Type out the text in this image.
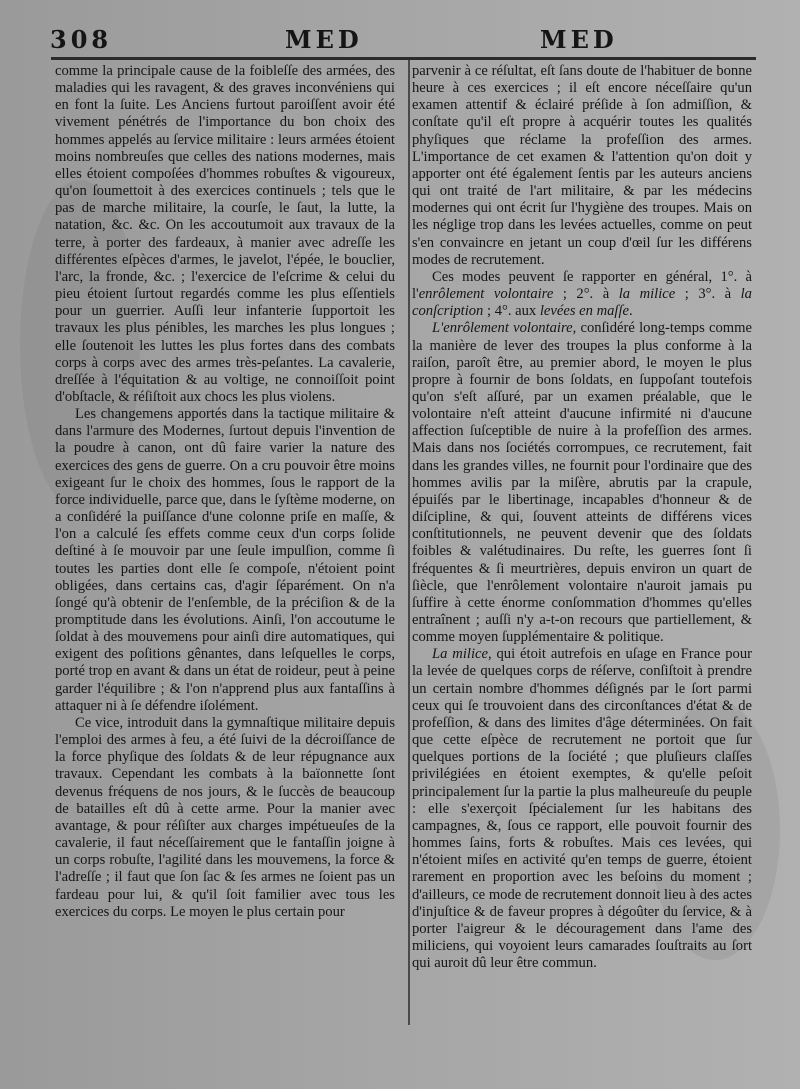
308	MED	MED

comme la principale cause de la foibleſſe des armées, des maladies qui les ravagent, & des graves inconvéniens qui en font la ſuite. Les Anciens furtout paroiſſent avoir été vivement pénétrés de l'importance du bon choix des hommes appelés au ſervice militaire : leurs armées étoient moins nombreuſes que celles des nations modernes, mais elles étoient compoſées d'hommes robuſtes & vigoureux, qu'on ſoumettoit à des exercices continuels ; tels que le pas de marche militaire, la courſe, le ſaut, la lutte, la natation, &c. &c. On les accoutumoit aux travaux de la terre, à porter des fardeaux, à manier avec adreſſe les différentes eſpèces d'armes, le javelot, l'épée, le bouclier, l'arc, la fronde, &c. ; l'exercice de l'eſcrime & celui du pieu étoient ſurtout regardés comme les plus eſſentiels pour un guerrier. Auſſi leur infanterie ſupportoit les travaux les plus pénibles, les marches les plus longues ; elle ſoutenoit les luttes les plus fortes dans des combats corps à corps avec des armes très-peſantes. La cavalerie, dreſſée à l'équitation & au voltige, ne connoiſſoit point d'obſtacle, & réſiſtoit aux chocs les plus violens.

Les changemens apportés dans la tactique militaire & dans l'armure des Modernes, ſurtout depuis l'invention de la poudre à canon, ont dû faire varier la nature des exercices des gens de guerre. On a cru pouvoir être moins exigeant ſur le choix des hommes, ſous le rapport de la force individuelle, parce que, dans le ſyſtème moderne, on a conſidéré la puiſſance d'une colonne priſe en maſſe, & l'on a calculé ſes effets comme ceux d'un corps ſolide deſtiné à ſe mouvoir par une ſeule impulſion, comme ſi toutes les parties dont elle ſe compoſe, n'étoient point obligées, dans certains cas, d'agir ſéparément. On n'a ſongé qu'à obtenir de l'enſemble, de la préciſion & de la promptitude dans les évolutions. Ainſi, l'on accoutume le ſoldat à des mouvemens pour ainſi dire automatiques, qui exigent des poſitions gênantes, dans leſquelles le corps, porté trop en avant & dans un état de roideur, peut à peine garder l'équilibre ; & l'on n'apprend plus aux fantaſſins à attaquer ni à ſe défendre iſolément.

Ce vice, introduit dans la gymnaſtique militaire depuis l'emploi des armes à feu, a été ſuivi de la décroiſſance de la force phyſique des ſoldats & de leur répugnance aux travaux. Cependant les combats à la baïonnette ſont devenus fréquens de nos jours, & le ſuccès de beaucoup de batailles eſt dû à cette arme. Pour la manier avec avantage, & pour réſiſter aux charges impétueuſes de la cavalerie, il faut néceſſairement que le fantaſſin joigne à un corps robuſte, l'agilité dans les mouvemens, la force & l'adreſſe ; il faut que ſon ſac & ſes armes ne ſoient pas un fardeau pour lui, & qu'il ſoit familier avec tous les exercices du corps. Le moyen le plus certain pour

parvenir à ce réſultat, eſt ſans doute de l'habituer de bonne heure à ces exercices ; il eſt encore néceſſaire qu'un examen attentif & éclairé préſide à ſon admiſſion, & conſtate qu'il eſt propre à acquérir toutes les qualités phyſiques que réclame la profeſſion des armes. L'importance de cet examen & l'attention qu'on doit y apporter ont été également ſentis par les auteurs anciens qui ont traité de l'art militaire, & par les médecins modernes qui ont écrit ſur l'hygiène des troupes. Mais on les néglige trop dans les levées actuelles, comme on peut s'en convaincre en jetant un coup d'œil ſur les différens modes de recrutement.

Ces modes peuvent ſe rapporter en général, 1°. à l'enrôlement volontaire ; 2°. à la milice ; 3°. à la conſcription ; 4°. aux levées en maſſe.

L'enrôlement volontaire, conſidéré long-temps comme la manière de lever des troupes la plus conforme à la raiſon, paroît être, au premier abord, le moyen le plus propre à fournir de bons ſoldats, en ſuppoſant toutefois qu'on s'eſt aſſuré, par un examen préalable, que le volontaire n'eſt atteint d'aucune infirmité ni d'aucune affection ſuſceptible de nuire à la profeſſion des armes. Mais dans nos ſociétés corrompues, ce recrutement, fait dans les grandes villes, ne fournit pour l'ordinaire que des hommes avilis par la miſère, abrutis par la crapule, épuiſés par le libertinage, incapables d'honneur & de diſcipline, & qui, ſouvent atteints de différens vices conſtitutionnels, ne peuvent devenir que des ſoldats foibles & valétudinaires. Du reſte, les guerres ſont ſi fréquentes & ſi meurtrières, depuis environ un quart de ſiècle, que l'enrôlement volontaire n'auroit jamais pu ſuffire à cette énorme conſommation d'hommes qu'elles entraînent ; auſſi n'y a-t-on recours que partiellement, & comme moyen ſupplémentaire & politique.

La milice, qui étoit autrefois en uſage en France pour la levée de quelques corps de réſerve, conſiſtoit à prendre un certain nombre d'hommes déſignés par le ſort parmi ceux qui ſe trouvoient dans des circonſtances d'état & de profeſſion, & dans des limites d'âge déterminées. On fait que cette eſpèce de recrutement ne portoit que ſur quelques portions de la ſociété ; que pluſieurs claſſes privilégiées en étoient exemptes, & qu'elle peſoit principalement ſur la partie la plus malheureuſe du peuple : elle s'exerçoit ſpécialement ſur les habitans des campagnes, &, ſous ce rapport, elle pouvoit fournir des hommes ſains, forts & robuſtes. Mais ces levées, qui n'étoient miſes en activité qu'en temps de guerre, étoient rarement en proportion avec les beſoins du moment ; d'ailleurs, ce mode de recrutement donnoit lieu à des actes d'injuſtice & de faveur propres à dégoûter du ſervice, & à porter l'aigreur & le découragement dans l'ame des miliciens, qui voyoient leurs camarades ſouſtraits au ſort qui auroit dû leur être commun.
